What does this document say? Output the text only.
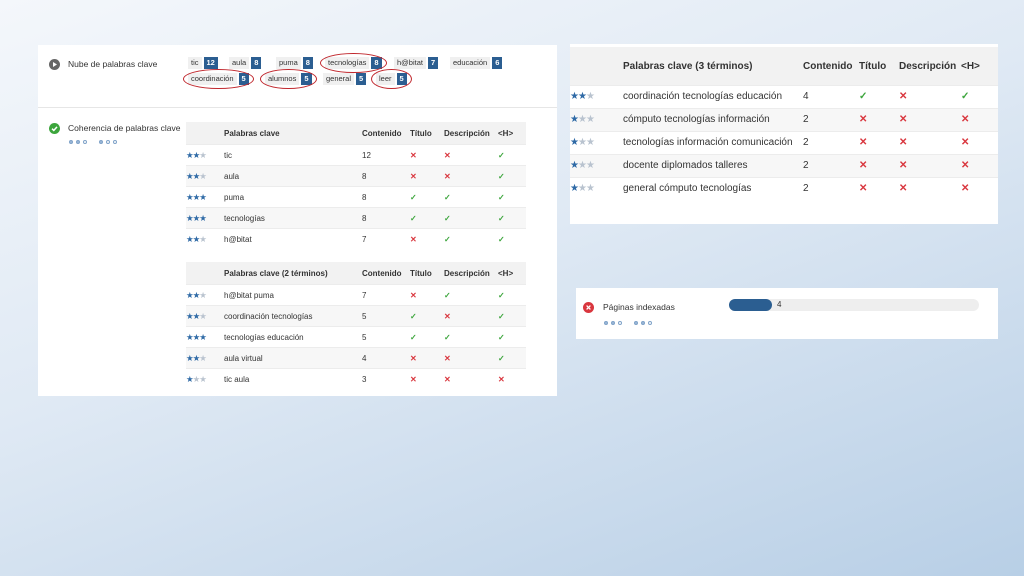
Nube de palabras clave	tic	12	aula	8	puma	8	tecnologías	8	h@bitat	7	educación	6
coordinación	5	alumnos	5	general	5	leer	5
Coherencia de palabras clave
		Palabras clave	Contenido	Título	Descripción	<H>
★★★	tic	12	✕	✕	✓
★★★	aula	8	✕	✕	✓
★★★	puma	8	✓	✓	✓
★★★	tecnologías	8	✓	✓	✓
★★★	h@bitat	7	✕	✓	✓
	Palabras clave (2 términos)	Contenido	Título	Descripción	<H>
★★★	h@bitat puma	7	✕	✓	✓
★★★	coordinación tecnologías	5	✓	✕	✓
★★★	tecnologías educación	5	✓	✓	✓
★★★	aula virtual	4	✕	✕	✓
★★★	tic aula	3	✕	✕	✕
	Palabras clave (3 términos)	Contenido	Título	Descripción	<H>
★★★	coordinación tecnologías educación	4	✓	✕	✓
★★★	cómputo tecnologías información	2	✕	✕	✕
★★★	tecnologías información comunicación	2	✕	✕	✕
★★★	docente diplomados talleres	2	✕	✕	✕
★★★	general cómputo tecnologías	2	✕	✕	✕
Páginas indexadas	4
